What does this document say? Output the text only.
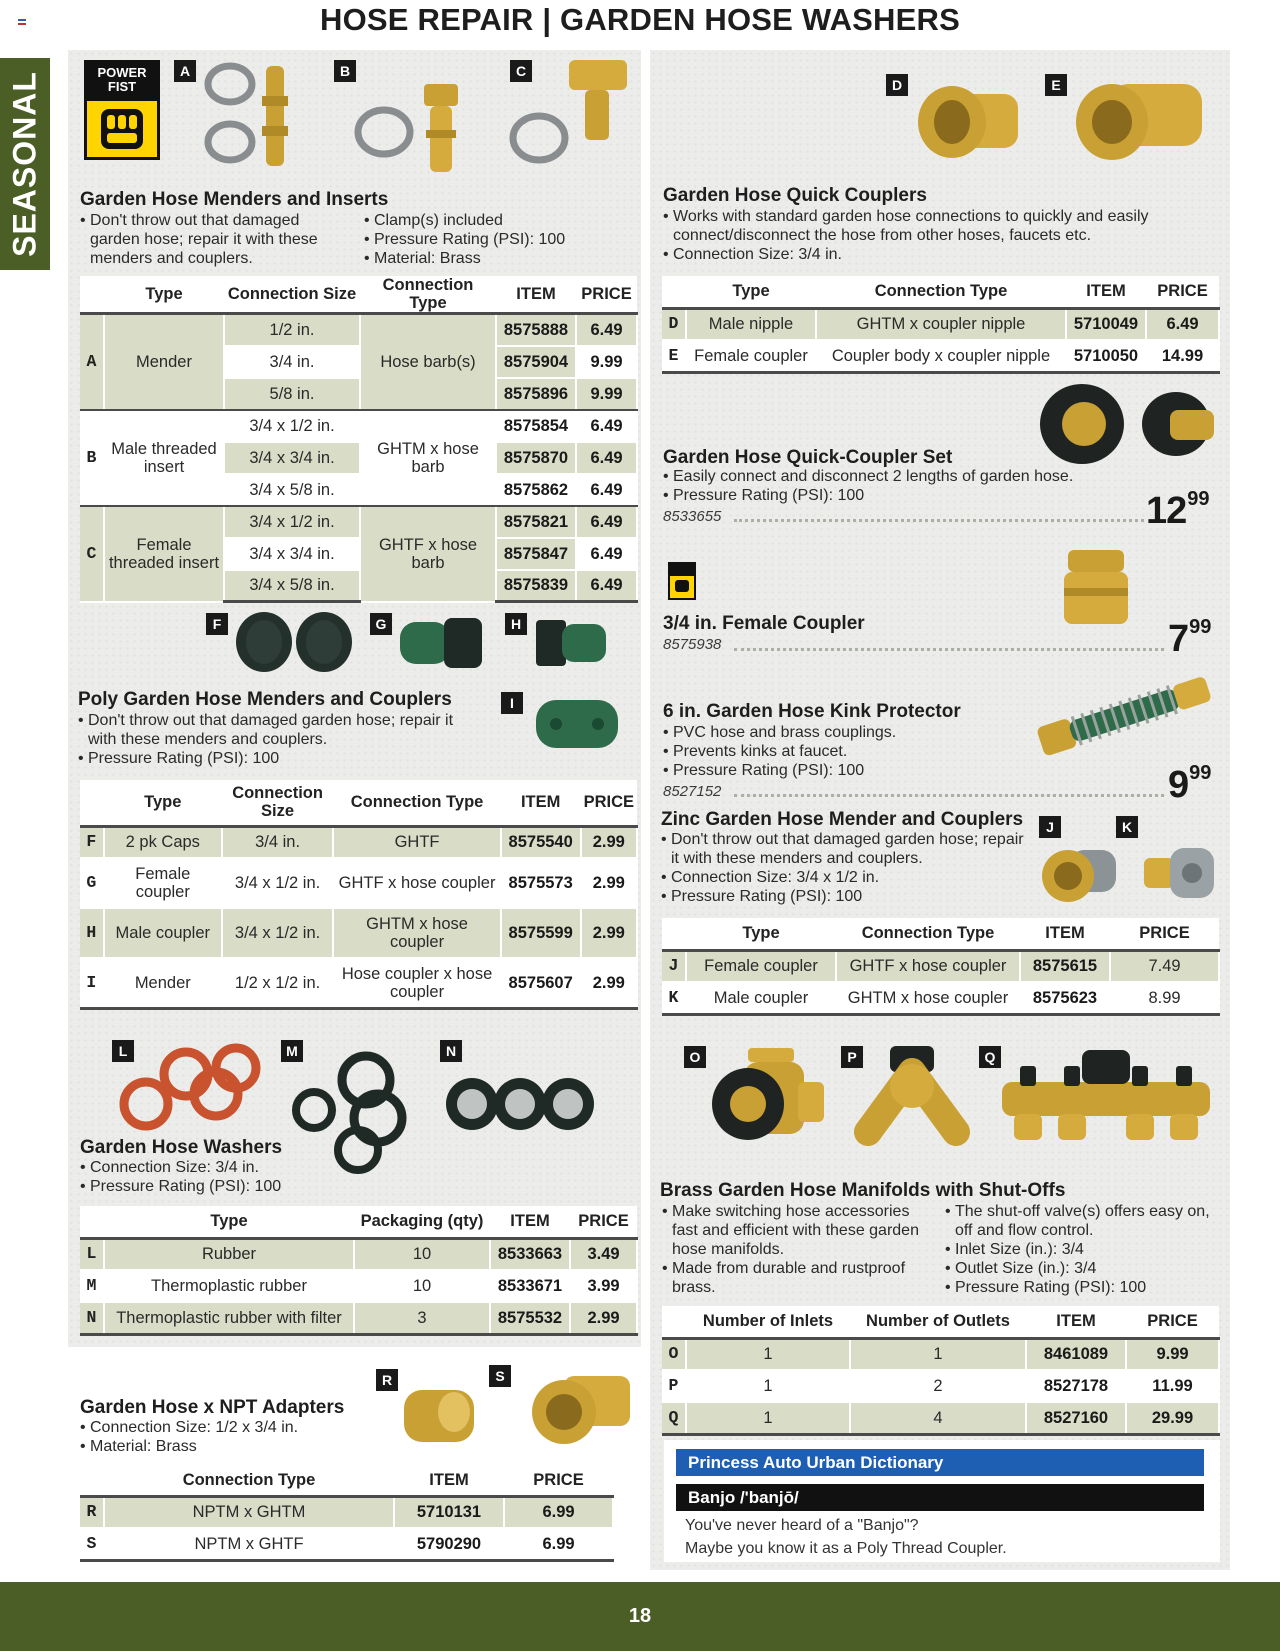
HOSE REPAIR | GARDEN HOSE WASHERS
SEASONAL	POWER FIST
A	B	C
Garden Hose Menders and Inserts
• Don't throw out that damaged garden hose; repair it with these menders and couplers.
• Clamp(s) included
• Pressure Rating (PSI): 100
• Material: Brass
	Type	Connection Size	Connection Type	ITEM	PRICE
A	Mender	1/2 in.	Hose barb(s)	8575888	6.49
		3/4 in.		8575904	9.99
		5/8 in.		8575896	9.99
B	Male threaded insert	3/4 x 1/2 in.	GHTM x hose barb	8575854	6.49
		3/4 x 3/4 in.		8575870	6.49
		3/4 x 5/8 in.		8575862	6.49
C	Female threaded insert	3/4 x 1/2 in.	GHTF x hose barb	8575821	6.49
		3/4 x 3/4 in.		8575847	6.49
		3/4 x 5/8 in.		8575839	6.49
F	G	H
I
Poly Garden Hose Menders and Couplers
• Don't throw out that damaged garden hose; repair it with these menders and couplers.
• Pressure Rating (PSI): 100
	Type	Connection Size	Connection Type	ITEM	PRICE
F	2 pk Caps	3/4 in.	GHTF	8575540	2.99
G	Female coupler	3/4 x 1/2 in.	GHTF x hose coupler	8575573	2.99
H	Male coupler	3/4 x 1/2 in.	GHTM x hose coupler	8575599	2.99
I	Mender	1/2 x 1/2 in.	Hose coupler x hose coupler	8575607	2.99
L	M	N
Garden Hose Washers
• Connection Size: 3/4 in.
• Pressure Rating (PSI): 100
	Type	Packaging (qty)	ITEM	PRICE
L	Rubber	10	8533663	3.49
M	Thermoplastic rubber	10	8533671	3.99
N	Thermoplastic rubber with filter	3	8575532	2.99
R	S
Garden Hose x NPT Adapters
• Connection Size: 1/2 x 3/4 in.
• Material: Brass
	Connection Type	ITEM	PRICE
R	NPTM x GHTM	5710131	6.99
S	NPTM x GHTF	5790290	6.99
D	E
Garden Hose Quick Couplers
• Works with standard garden hose connections to quickly and easily connect/disconnect the hose from other hoses, faucets etc.
• Connection Size: 3/4 in.
	Type	Connection Type	ITEM	PRICE
D	Male nipple	GHTM x coupler nipple	5710049	6.49
E	Female coupler	Coupler body x coupler nipple	5710050	14.99
Garden Hose Quick-Coupler Set
• Easily connect and disconnect 2 lengths of garden hose.
• Pressure Rating (PSI): 100
8533655	$12^{99}$
3/4 in. Female Coupler
8575938	$7^{99}$
6 in. Garden Hose Kink Protector
• PVC hose and brass couplings.
• Prevents kinks at faucet.
• Pressure Rating (PSI): 100
8527152	$9^{99}$
J	K
Zinc Garden Hose Mender and Couplers
• Don't throw out that damaged garden hose; repair it with these menders and couplers.
• Connection Size: 3/4 x 1/2 in.
• Pressure Rating (PSI): 100
	Type	Connection Type	ITEM	PRICE
J	Female coupler	GHTF x hose coupler	8575615	7.49
K	Male coupler	GHTM x hose coupler	8575623	8.99
O	P	Q
Brass Garden Hose Manifolds with Shut-Offs
• Make switching hose accessories fast and efficient with these garden hose manifolds.
• Made from durable and rustproof brass.
• The shut-off valve(s) offers easy on, off and flow control.
• Inlet Size (in.): 3/4
• Outlet Size (in.): 3/4
• Pressure Rating (PSI): 100
	Number of Inlets	Number of Outlets	ITEM	PRICE
O	1	1	8461089	9.99
P	1	2	8527178	11.99
Q	1	4	8527160	29.99
Princess Auto Urban Dictionary
Banjo /'banjō/
You've never heard of a "Banjo"?
Maybe you know it as a Poly Thread Coupler.
18
